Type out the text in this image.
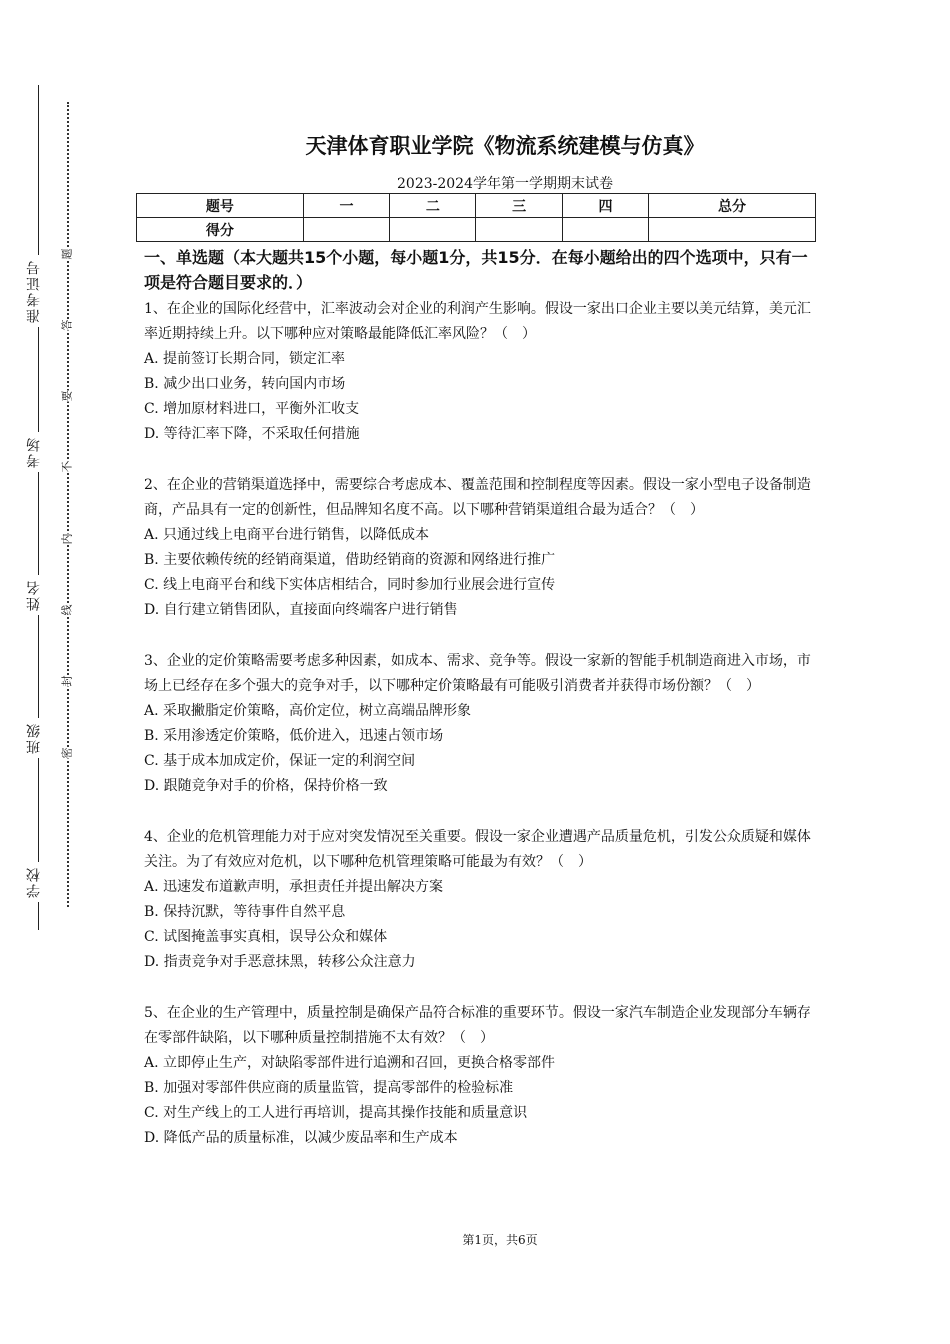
准考证号
考场
姓名
班级
学校
题
答
要
不
内
线
封
密
天津体育职业学院《物流系统建模与仿真》
2023-2024学年第一学期期末试卷
题号	一	二	三	四	总分
得分					

一、单选题（本大题共15个小题，每小题1分，共15分．在每小题给出的四个选项中，只有一项是符合题目要求的．）

1、在企业的国际化经营中，汇率波动会对企业的利润产生影响。假设一家出口企业主要以美元结算，美元汇率近期持续上升。以下哪种应对策略最能降低汇率风险？（　）

A. 提前签订长期合同，锁定汇率

B. 减少出口业务，转向国内市场

C. 增加原材料进口，平衡外汇收支

D. 等待汇率下降，不采取任何措施

2、在企业的营销渠道选择中，需要综合考虑成本、覆盖范围和控制程度等因素。假设一家小型电子设备制造商，产品具有一定的创新性，但品牌知名度不高。以下哪种营销渠道组合最为适合？（　）

A. 只通过线上电商平台进行销售，以降低成本

B. 主要依赖传统的经销商渠道，借助经销商的资源和网络进行推广

C. 线上电商平台和线下实体店相结合，同时参加行业展会进行宣传

D. 自行建立销售团队，直接面向终端客户进行销售

3、企业的定价策略需要考虑多种因素，如成本、需求、竞争等。假设一家新的智能手机制造商进入市场，市场上已经存在多个强大的竞争对手，以下哪种定价策略最有可能吸引消费者并获得市场份额？（　）

A. 采取撇脂定价策略，高价定位，树立高端品牌形象

B. 采用渗透定价策略，低价进入，迅速占领市场

C. 基于成本加成定价，保证一定的利润空间

D. 跟随竞争对手的价格，保持价格一致

4、企业的危机管理能力对于应对突发情况至关重要。假设一家企业遭遇产品质量危机，引发公众质疑和媒体关注。为了有效应对危机，以下哪种危机管理策略可能最为有效？（　）

A. 迅速发布道歉声明，承担责任并提出解决方案

B. 保持沉默，等待事件自然平息

C. 试图掩盖事实真相，误导公众和媒体

D. 指责竞争对手恶意抹黑，转移公众注意力

5、在企业的生产管理中，质量控制是确保产品符合标准的重要环节。假设一家汽车制造企业发现部分车辆存在零部件缺陷，以下哪种质量控制措施不太有效？（　）

A. 立即停止生产，对缺陷零部件进行追溯和召回，更换合格零部件

B. 加强对零部件供应商的质量监管，提高零部件的检验标准

C. 对生产线上的工人进行再培训，提高其操作技能和质量意识

D. 降低产品的质量标准，以减少废品率和生产成本

第1页，共6页
